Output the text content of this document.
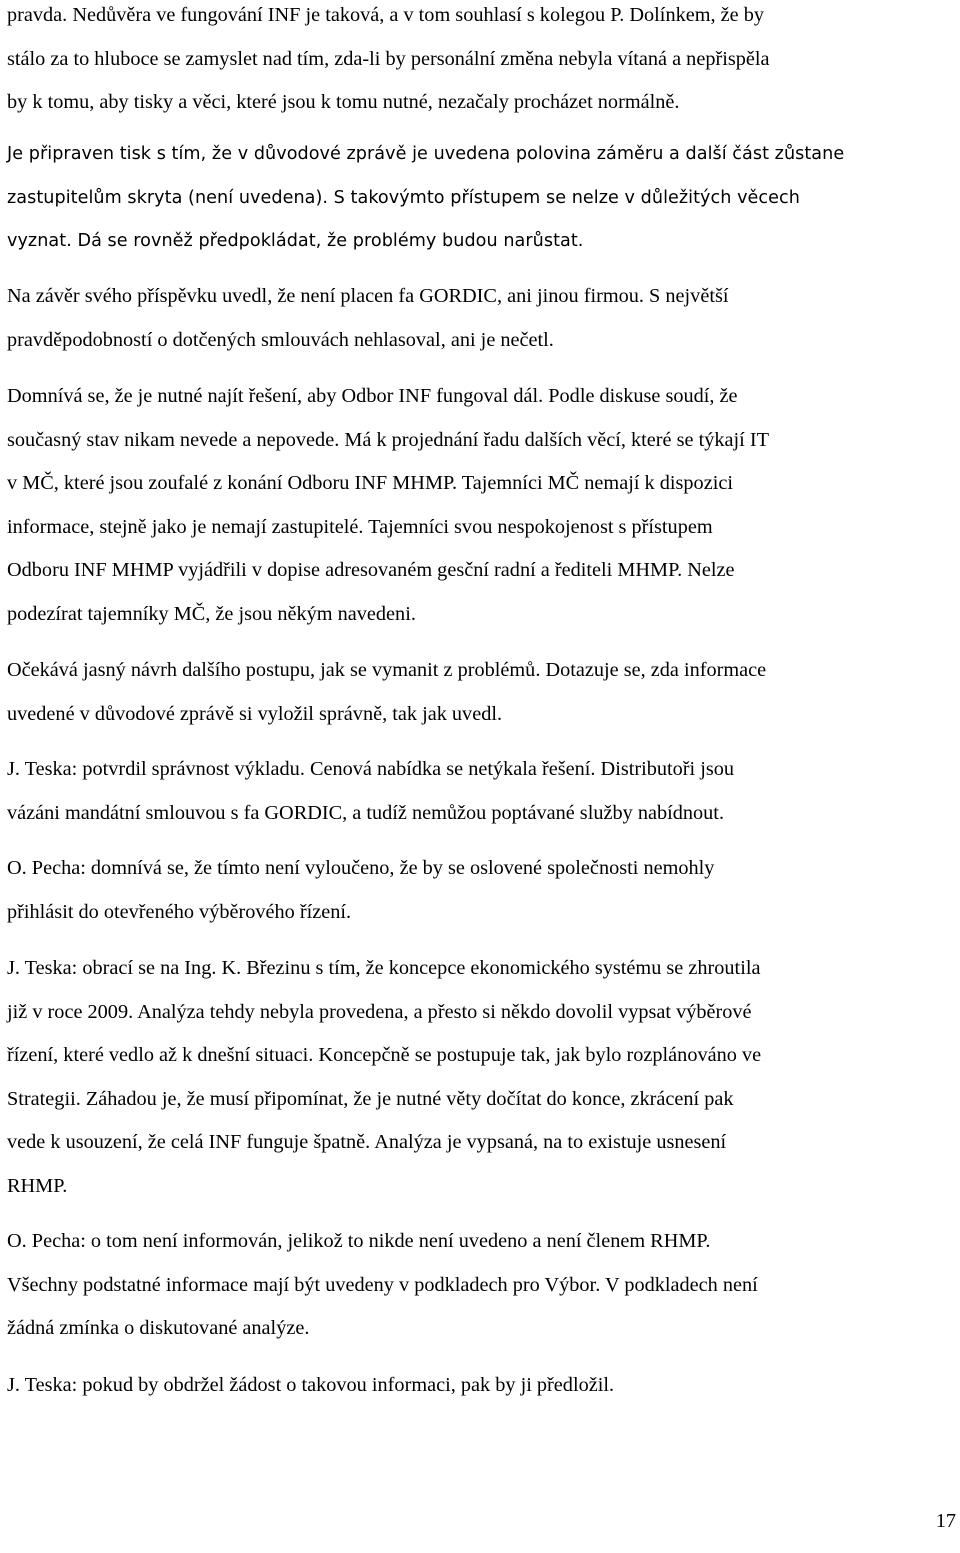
pravda. Nedůvěra ve fungování INF je taková, a v tom souhlasí s kolegou P. Dolínkem, že by
stálo za to hluboce se zamyslet nad tím, zda-li by personální změna nebyla vítaná a nepřispěla
by k tomu, aby tisky a věci, které jsou k tomu nutné, nezačaly procházet normálně.
Je připraven tisk s tím, že v důvodové zprávě je uvedena polovina záměru a další část zůstane
zastupitelům skryta (není uvedena). S takovýmto přístupem se nelze v důležitých věcech
vyznat. Dá se rovněž předpokládat, že problémy budou narůstat.
Na závěr svého příspěvku uvedl, že není placen fa GORDIC, ani jinou firmou. S největší
pravděpodobností o dotčených smlouvách nehlasoval, ani je nečetl.
Domnívá se, že je nutné najít řešení, aby Odbor INF fungoval dál. Podle diskuse soudí, že
současný stav nikam nevede a nepovede. Má k projednání řadu dalších věcí, které se týkají IT
v MČ, které jsou zoufalé z konání Odboru INF MHMP. Tajemníci MČ nemají k dispozici
informace, stejně jako je nemají zastupitelé. Tajemníci svou nespokojenost s přístupem
Odboru INF MHMP vyjádřili v dopise adresovaném gesční radní a řediteli MHMP. Nelze
podezírat tajemníky MČ, že jsou někým navedeni.
Očekává jasný návrh dalšího postupu, jak se vymanit z problémů. Dotazuje se, zda informace
uvedené v důvodové zprávě si vyložil správně, tak jak uvedl.
J. Teska: potvrdil správnost výkladu. Cenová nabídka se netýkala řešení. Distributoři jsou
vázáni mandátní smlouvou s fa GORDIC, a tudíž nemůžou poptávané služby nabídnout.
O. Pecha: domnívá se, že tímto není vyloučeno, že by se oslovené společnosti nemohly
přihlásit do otevřeného výběrového řízení.
J. Teska: obrací se na Ing. K. Březinu s tím, že koncepce ekonomického systému se zhroutila
již v roce 2009. Analýza tehdy nebyla provedena, a přesto si někdo dovolil vypsat výběrové
řízení, které vedlo až k dnešní situaci. Koncepčně se postupuje tak, jak bylo rozplánováno ve
Strategii. Záhadou je, že musí připomínat, že je nutné věty dočítat do konce, zkrácení pak
vede k usouzení, že celá INF funguje špatně. Analýza je vypsaná, na to existuje usnesení
RHMP.
O. Pecha: o tom není informován, jelikož to nikde není uvedeno a není členem RHMP.
Všechny podstatné informace mají být uvedeny v podkladech pro Výbor. V podkladech není
žádná zmínka o diskutované analýze.
J. Teska: pokud by obdržel žádost o takovou informaci, pak by ji předložil.
17
